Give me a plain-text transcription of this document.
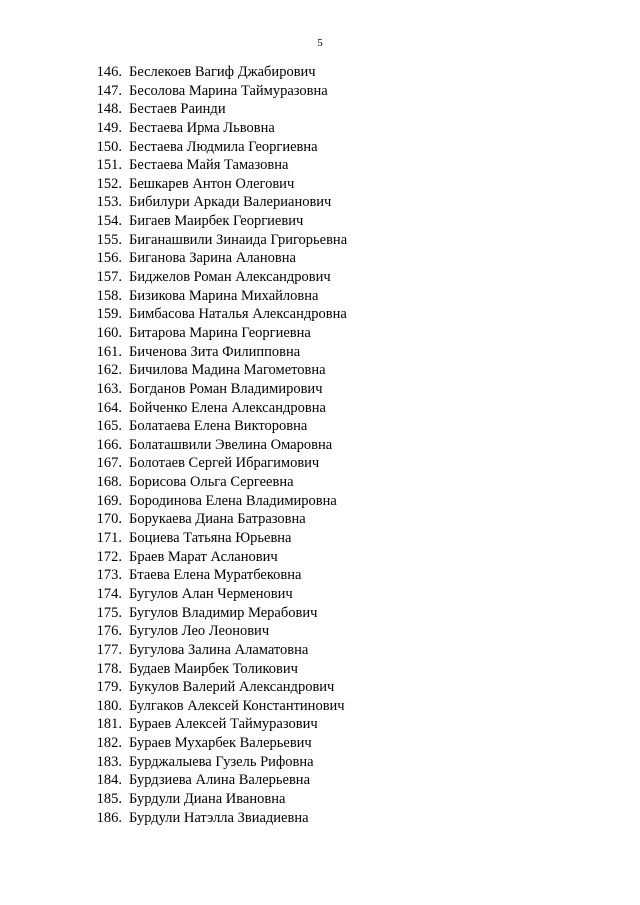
5
146. Беслекоев Вагиф Джабирович
147. Бесолова Марина Таймуразовна
148. Бестаев Раинди
149. Бестаева Ирма Львовна
150. Бестаева Людмила Георгиевна
151. Бестаева Майя Тамазовна
152. Бешкарев Антон Олегович
153. Бибилури Аркади Валерианович
154. Бигаев Маирбек Георгиевич
155. Биганашвили Зинаида Григорьевна
156. Биганова Зарина Алановна
157. Биджелов Роман Александрович
158. Бизикова Марина Михайловна
159. Бимбасова Наталья Александровна
160. Битарова Марина Георгиевна
161. Биченова Зита Филипповна
162. Бичилова Мадина Магометовна
163. Богданов Роман Владимирович
164. Бойченко Елена Александровна
165. Болатаева Елена Викторовна
166. Болаташвили Эвелина Омаровна
167. Болотаев Сергей Ибрагимович
168. Борисова Ольга Сергеевна
169. Бородинова Елена Владимировна
170. Борукаева Диана Батразовна
171. Боциева Татьяна Юрьевна
172. Браев Марат Асланович
173. Бтаева Елена Муратбековна
174. Бугулов Алан Черменович
175. Бугулов Владимир Мерабович
176. Бугулов Лео Леонович
177. Бугулова Залина Аламатовна
178. Будаев Маирбек Толикович
179. Букулов Валерий Александрович
180. Булгаков Алексей Константинович
181. Бураев Алексей Таймуразович
182. Бураев Мухарбек Валерьевич
183. Бурджалыева Гузель Рифовна
184. Бурдзиева Алина Валерьевна
185. Бурдули Диана Ивановна
186. Бурдули Натэлла Звиадиевна
